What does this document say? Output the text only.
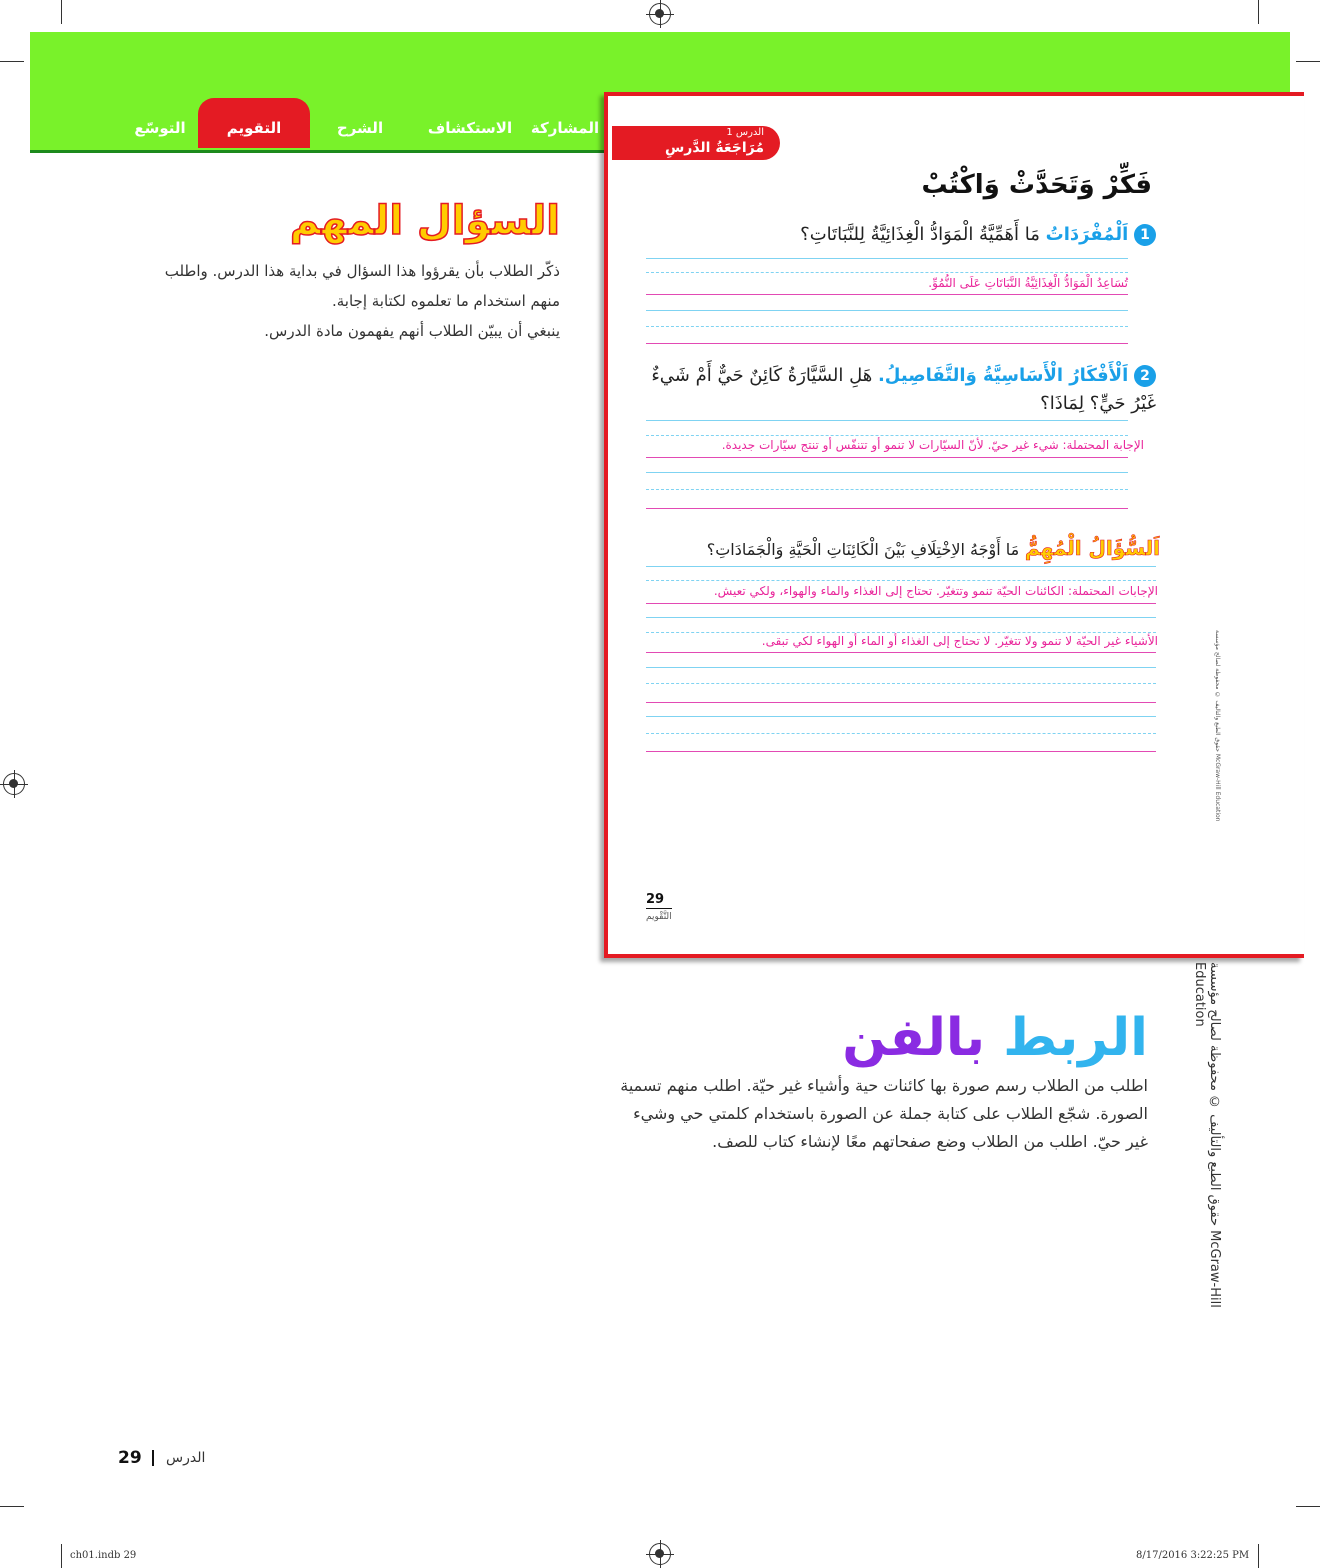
التوسّع	التقويم	الشرح	الاستكشاف	المشاركة	الدرس 1
مُرَاجَعَةُ الدَّرسِ
فَكِّرْ وَتَحَدَّثْ وَاكْتُبْ
1 اَلْمُفْرَدَاتُ مَا أَهَمِّيَّةُ الْمَوَادُّ الْغِذَائِيَّةُ لِلنَّبَاتَاتِ؟
تُسَاعِدُ الْمَوَادُّ الْغِذَائِيَّةُ النَّبَاتَاتِ عَلَى النُّمُوِّ.
2 اَلْأَفْكَارُ الْأَسَاسِيَّةُ وَالتَّفَاصِيلُ. هَلِ السَّيَّارَةُ كَائِنٌ حَيٌّ أَمْ شَيءٌ
غَيْرُ حَيٍّ؟ لِمَاذَا؟
الإجابة المحتملة: شيء غير حيّ. لأنّ السيّارات لا تنمو أو تتنفّس أو تنتج سيّارات جديدة.
اَلسُّؤَالُ الْمُهِمُّ مَا أَوْجَهُ الاِخْتِلَافِ بَيْنَ الْكَائِنَاتِ الْحَيَّةِ وَالْجَمَادَاتِ؟
الإجابات المحتملة: الكائنات الحيّة تنمو وتتغيّر. تحتاج إلى الغذاء والماء والهواء، ولكي تعيش.
الأشياء غير الحيّة لا تنمو ولا تتغيّر. لا تحتاج إلى الغذاء أو الماء أو الهواء لكي تبقى.
29
التَّقْويم
السؤال المهم
ذكّر الطلاب بأن يقرؤوا هذا السؤال في بداية هذا الدرس. واطلب منهم استخدام ما تعلموه لكتابة إجابة.
ينبغي أن يبيّن الطلاب أنهم يفهمون مادة الدرس.
الربط بالفن
اطلب من الطلاب رسم صورة بها كائنات حية وأشياء غير حيّة. اطلب منهم تسمية الصورة. شجّع الطلاب على كتابة جملة عن الصورة باستخدام كلمتي حي وشيء غير حيّ. اطلب من الطلاب وضع صفحاتهم معًا لإنشاء كتاب للصف.	حقوق الطبع والتأليف © محفوظة لصالح مؤسسة McGraw-Hill Education
حقوق الطبع والتأليف © محفوظة لصالح مؤسسة McGraw-Hill Education
29 الدرس
ch01.indb 29	8/17/2016 3:22:25 PM
